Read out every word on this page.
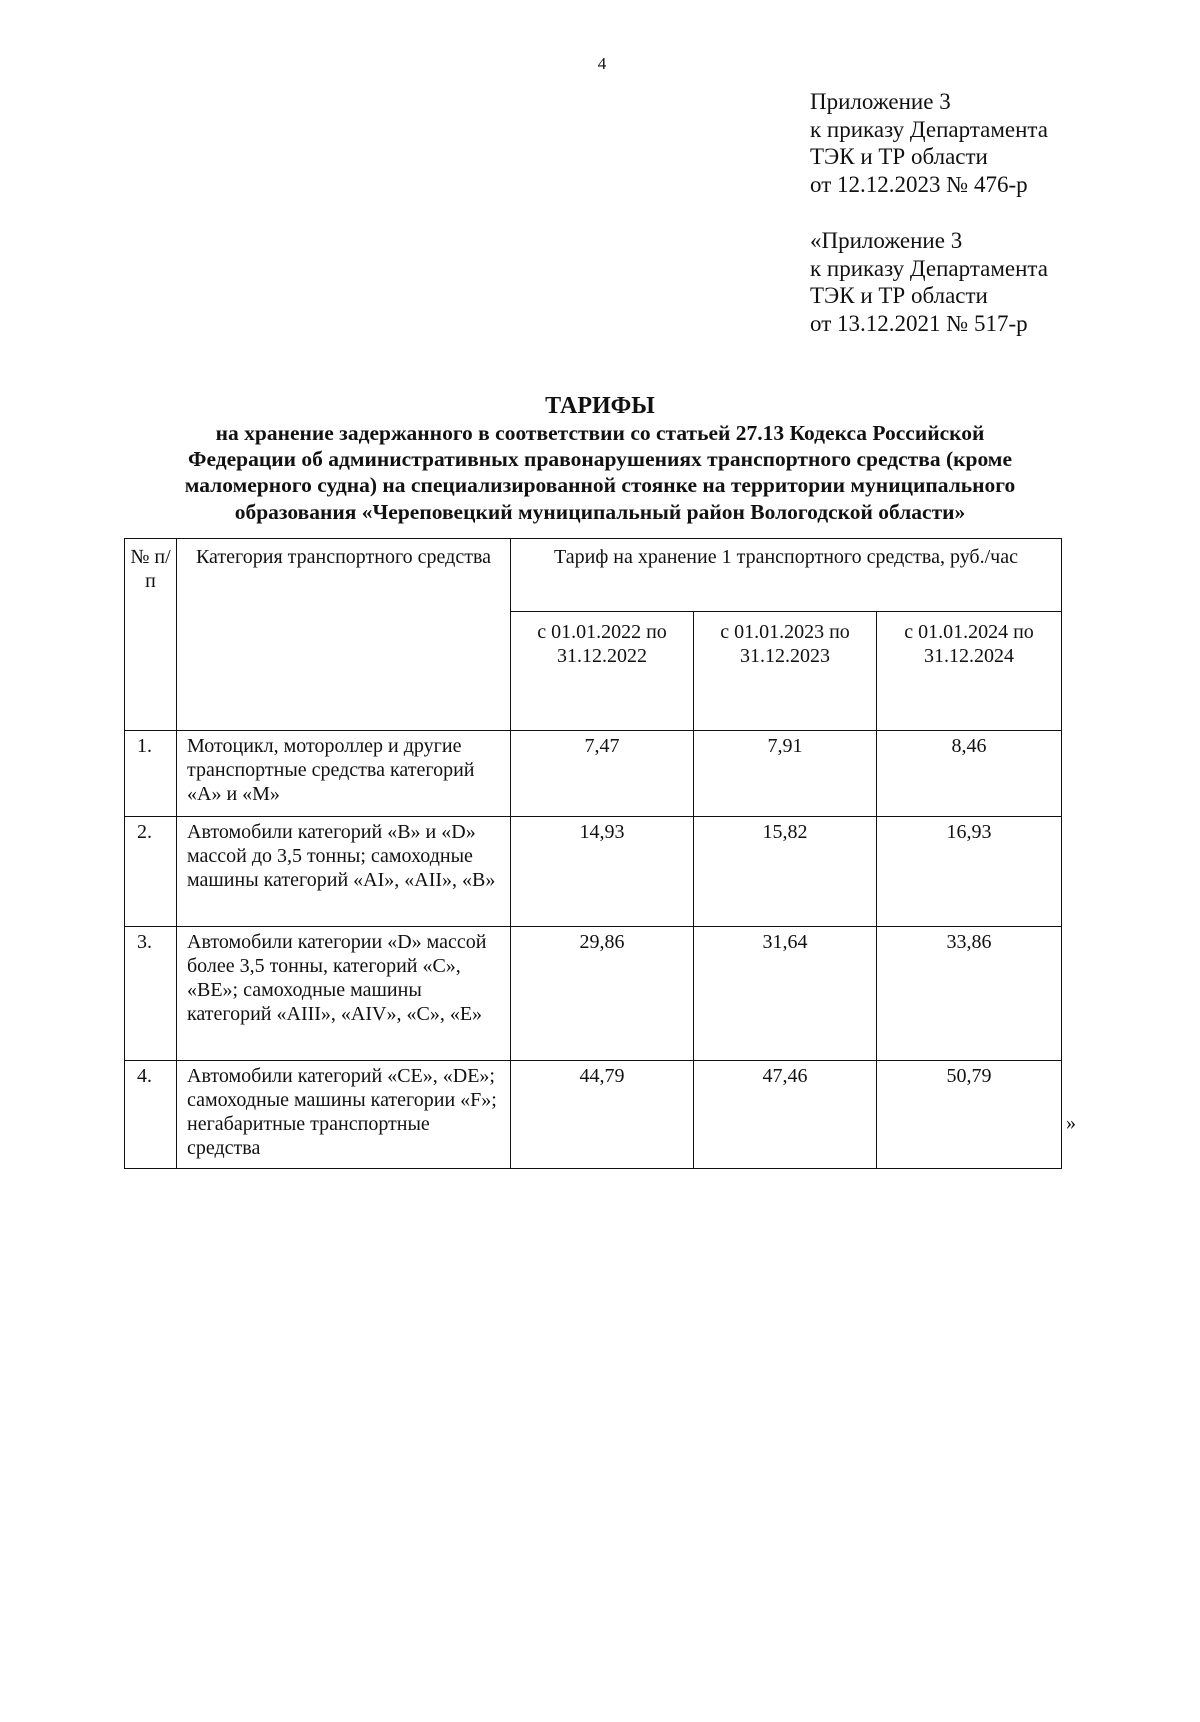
4
Приложение 3
к приказу Департамента
ТЭК и ТР области
от 12.12.2023 № 476-р
«Приложение 3
к приказу Департамента
ТЭК и ТР области
от 13.12.2021 № 517-р
ТАРИФЫ
на хранение задержанного в соответствии со статьей 27.13 Кодекса Российской
Федерации об административных правонарушениях транспортного средства (кроме
маломерного судна) на специализированной стоянке на территории муниципального
образования «Череповецкий муниципальный район Вологодской области»
№ п/п	Категория транспортного средства	Тариф на хранение 1 транспортного средства, руб./час		
		с 01.01.2022 по 31.12.2022	с 01.01.2023 по 31.12.2023	с 01.01.2024 по 31.12.2024
1.	Мотоцикл, мотороллер и другие транспортные средства категорий «А» и «М»	7,47	7,91	8,46
2.	Автомобили категорий «В» и «D» массой до 3,5 тонны; самоходные машины категорий «АI», «АII», «В»	14,93	15,82	16,93
3.	Автомобили категории «D» массой более 3,5 тонны, категорий «С», «ВЕ»; самоходные машины категорий «АIII», «АIV», «С», «Е»	29,86	31,64	33,86
4.	Автомобили категорий «СЕ», «DE»; самоходные машины категории «F»; негабаритные транспортные средства	44,79	47,46	50,79
»
